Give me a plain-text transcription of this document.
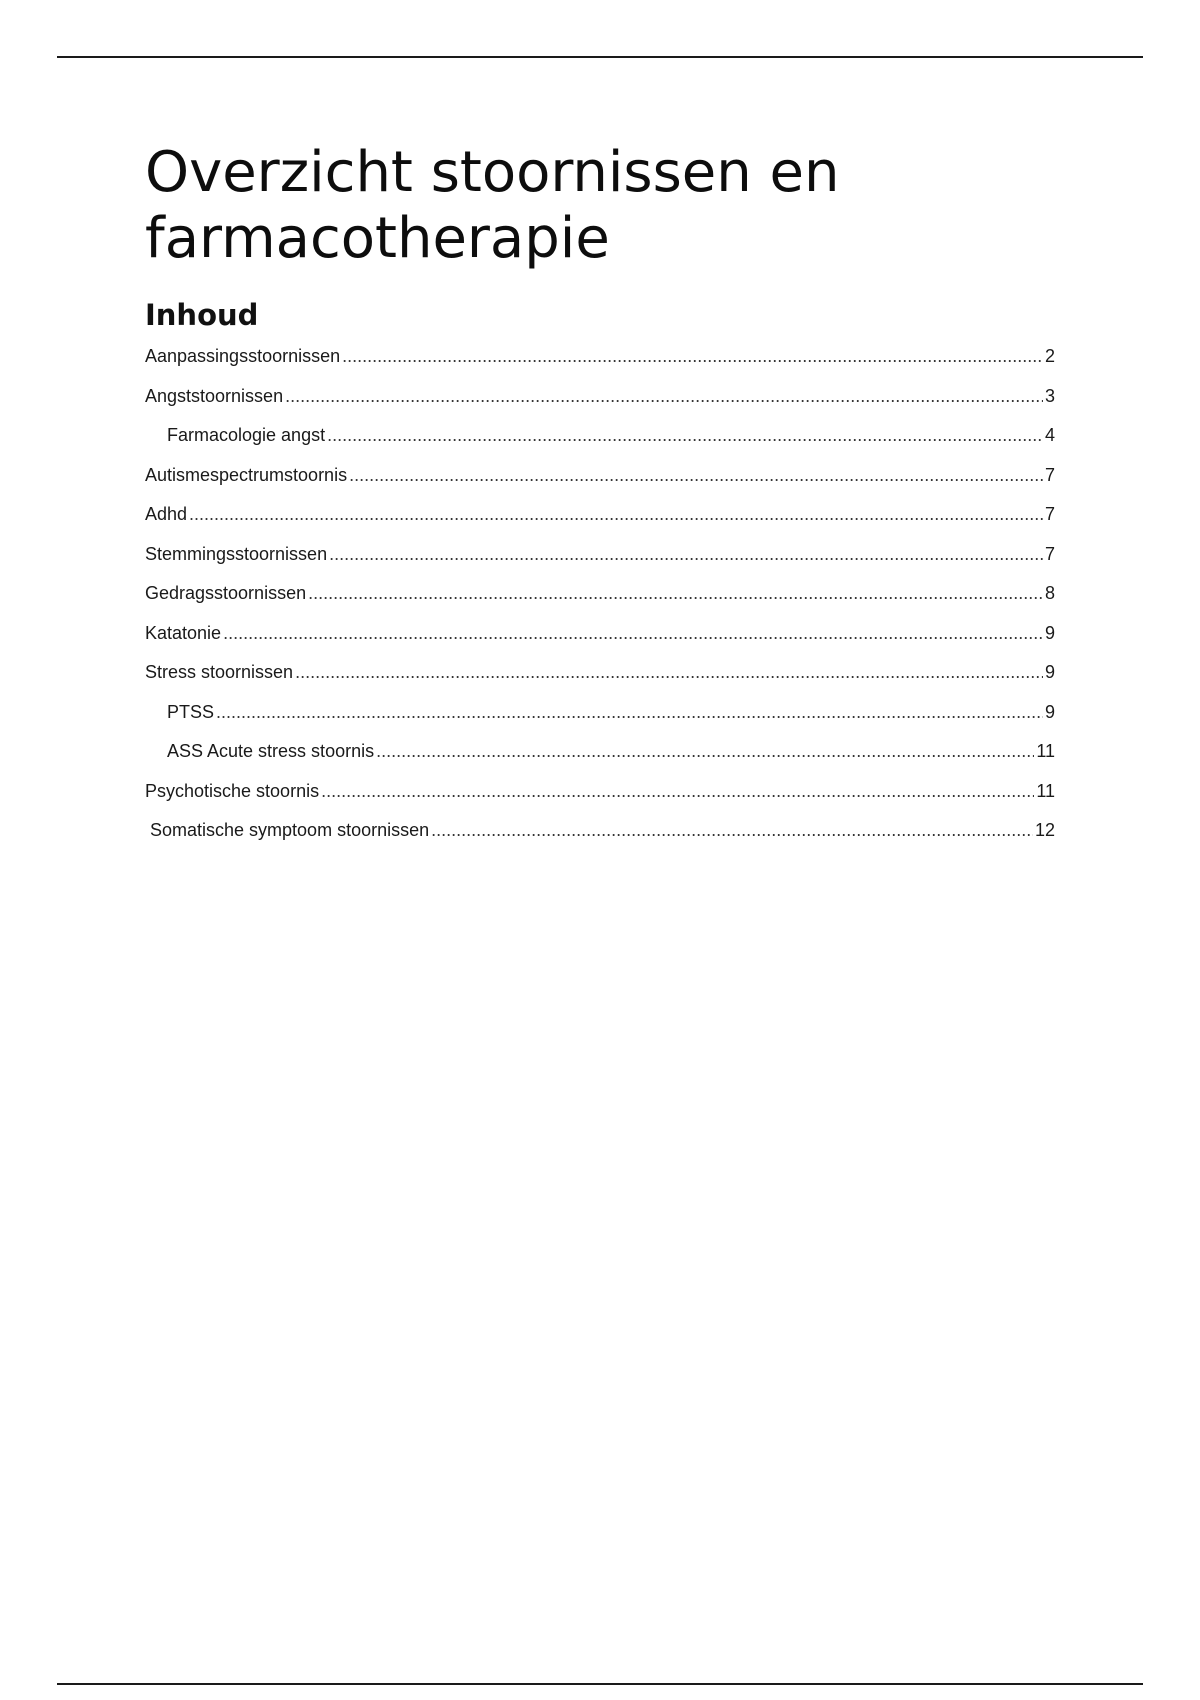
Overzicht stoornissen en
farmacotherapie
Inhoud
Aanpassingsstoornissen .....	2
Angststoornissen .....	3
Farmacologie angst .....	4
Autismespectrumstoornis .....	7
Adhd .....	7
Stemmingsstoornissen .....	7
Gedragsstoornissen .....	8
Katatonie .....	9
Stress stoornissen .....	9
PTSS .....	9
ASS Acute stress stoornis .....	11
Psychotische stoornis .....	11
Somatische symptoom stoornissen .....	12
